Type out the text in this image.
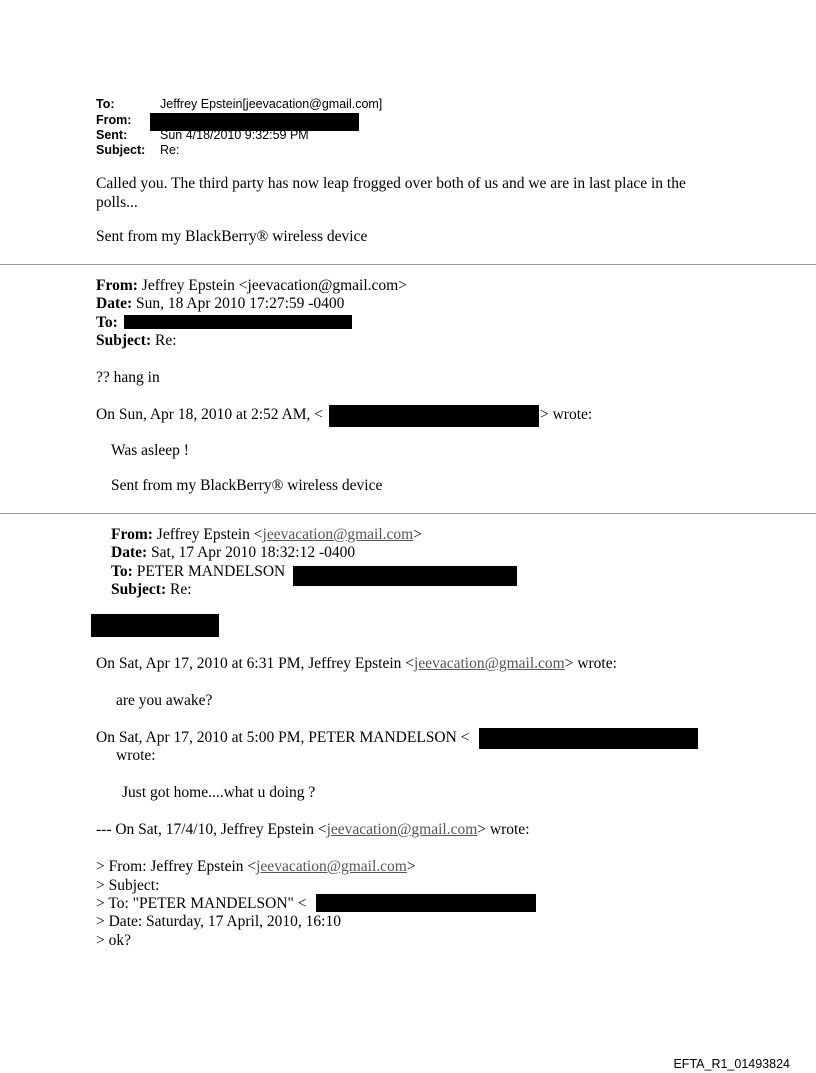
To:	Jeffrey Epstein[jeevacation@gmail.com]
From:
Sent:	Sun 4/18/2010 9:32:59 PM
Subject: Re:
Called you. The third party has now leap frogged over both of us and we are in last place in the
polls...
Sent from my BlackBerry® wireless device
From: Jeffrey Epstein <jeevacation@gmail.com>
Date: Sun, 18 Apr 2010 17:27:59 -0400
To:
Subject: Re:
?? hang in
On Sun, Apr 18, 2010 at 2:52 AM, <	> wrote:
Was asleep !
Sent from my BlackBerry® wireless device
From: Jeffrey Epstein <jeevacation@gmail.com>
Date: Sat, 17 Apr 2010 18:32:12 -0400
To: PETER MANDELSON
Subject: Re:
On Sat, Apr 17, 2010 at 6:31 PM, Jeffrey Epstein <jeevacation@gmail.com> wrote:
are you awake?
On Sat, Apr 17, 2010 at 5:00 PM, PETER MANDELSON <
wrote:
Just got home....what u doing ?
--- On Sat, 17/4/10, Jeffrey Epstein <jeevacation@gmail.com> wrote:
> From: Jeffrey Epstein <jeevacation@gmail.com>
> Subject:
> To: "PETER MANDELSON" <
> Date: Saturday, 17 April, 2010, 16:10
> ok?
EFTA_R1_01493824
